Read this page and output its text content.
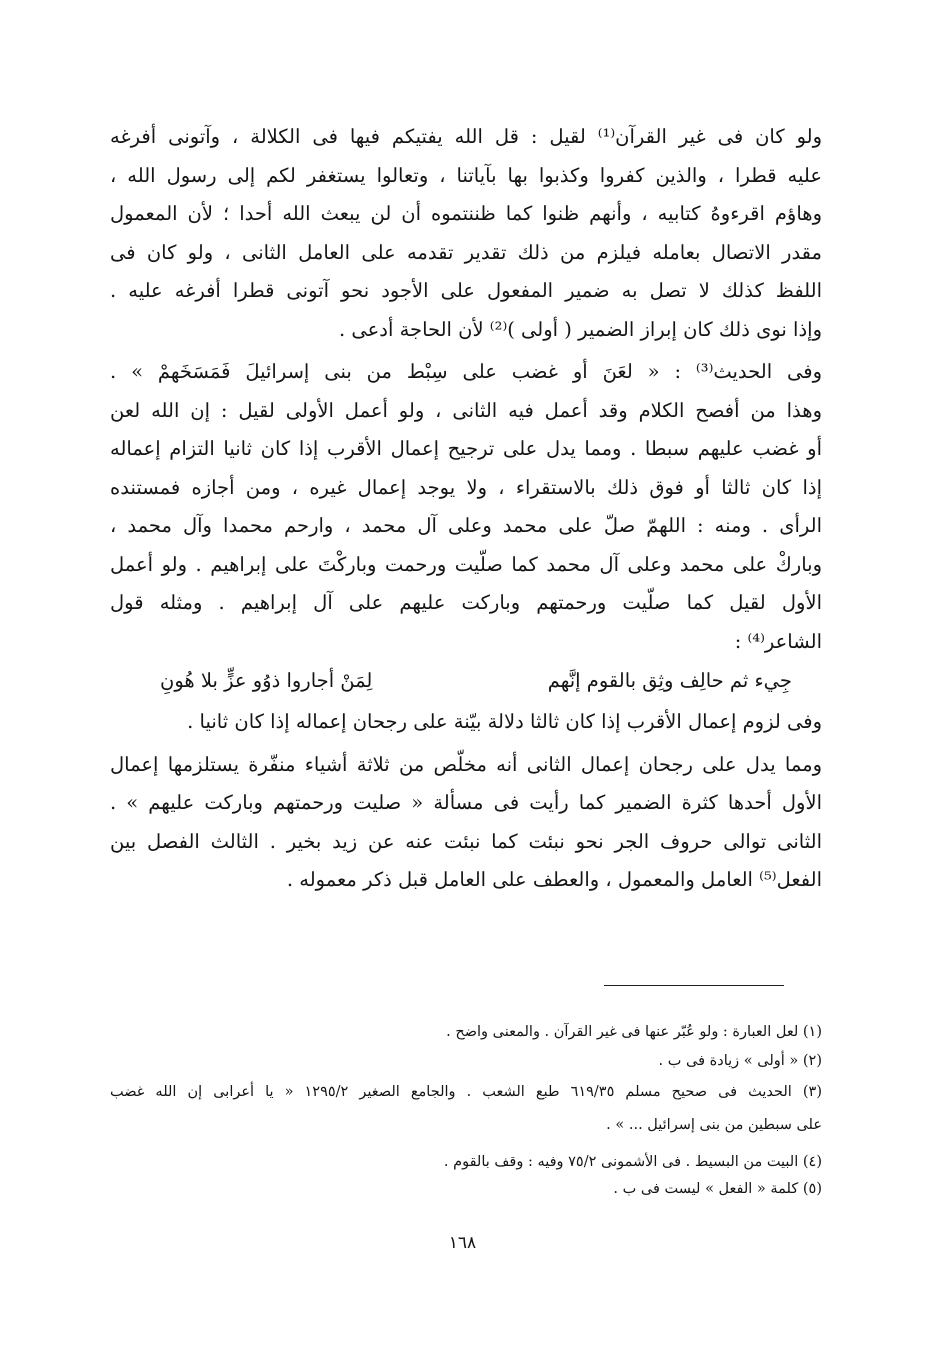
ولو كان فى غير القرآن⁽¹⁾ لقيل : قل الله يفتيكم فيها فى الكلالة ، وآتونى أفرغه
عليه قطرا ، والذين كفروا وكذبوا بها بآياتنا ، وتعالوا يستغفر لكم إلى رسول الله ،
وهاؤم اقرءوهُ كتابيه ، وأنهم ظنوا كما ظننتموه أن لن يبعث الله أحدا ؛ لأن المعمول
مقدر الاتصال بعامله فيلزم من ذلك تقدير تقدمه على العامل الثانى ، ولو كان فى
اللفظ كذلك لا تصل به ضمير المفعول على الأجود نحو آتونى قطرا أفرغه عليه .
وإذا نوى ذلك كان إبراز الضمير ( أولى )⁽²⁾ لأن الحاجة أدعى .
وفى الحديث⁽³⁾ : « لعَنَ أو غضب على سِبْط من بنى إسرائيلَ فَمَسَخَهمْ » .
وهذا من أفصح الكلام وقد أعمل فيه الثانى ، ولو أعمل الأولى لقيل : إن الله لعن
أو غضب عليهم سبطا . ومما يدل على ترجيح إعمال الأقرب إذا كان ثانيا التزام إعماله
إذا كان ثالثا أو فوق ذلك بالاستقراء ، ولا يوجد إعمال غيره ، ومن أجازه فمستنده
الرأى . ومنه : اللهمّ صلّ على محمد وعلى آل محمد ، وارحم محمدا وآل محمد ،
وباركْ على محمد وعلى آل محمد كما صلّيت ورحمت وباركْتَ على إبراهيم . ولو أعمل
الأول لقيل كما صلّيت ورحمتهم وباركت عليهم على آل إبراهيم . ومثله قول
الشاعر⁽⁴⁾ :
جِيء ثم حالِف وثِق بالقوم إنَّهم
لِمَنْ أجاروا ذوُو عزٍّ بلا هُونِ
وفى لزوم إعمال الأقرب إذا كان ثالثا دلالة بيّنة على رجحان إعماله إذا كان ثانيا .
ومما يدل على رجحان إعمال الثانى أنه مخلّص من ثلاثة أشياء منفّرة يستلزمها إعمال
الأول أحدها كثرة الضمير كما رأيت فى مسألة « صليت ورحمتهم وباركت عليهم » .
الثانى توالى حروف الجر نحو نبئت كما نبئت عنه عن زيد بخير . الثالث الفصل بين
الفعل⁽⁵⁾ العامل والمعمول ، والعطف على العامل قبل ذكر معموله .
(١) لعل العبارة : ولو عُبّر عنها فى غير القرآن . والمعنى واضح .
(٢) « أولى » زيادة فى ب .
(٣) الحديث فى صحيح مسلم ٦١٩/٣٥ طبع الشعب . والجامع الصغير ١٢٩٥/٢ « يا أعرابى إن الله غضب
على سبطين من بنى إسرائيل ... » .
(٤) البيت من البسيط . فى الأشمونى ٧٥/٢ وفيه : وقف بالقوم .
(٥) كلمة « الفعل » ليست فى ب .
١٦٨
